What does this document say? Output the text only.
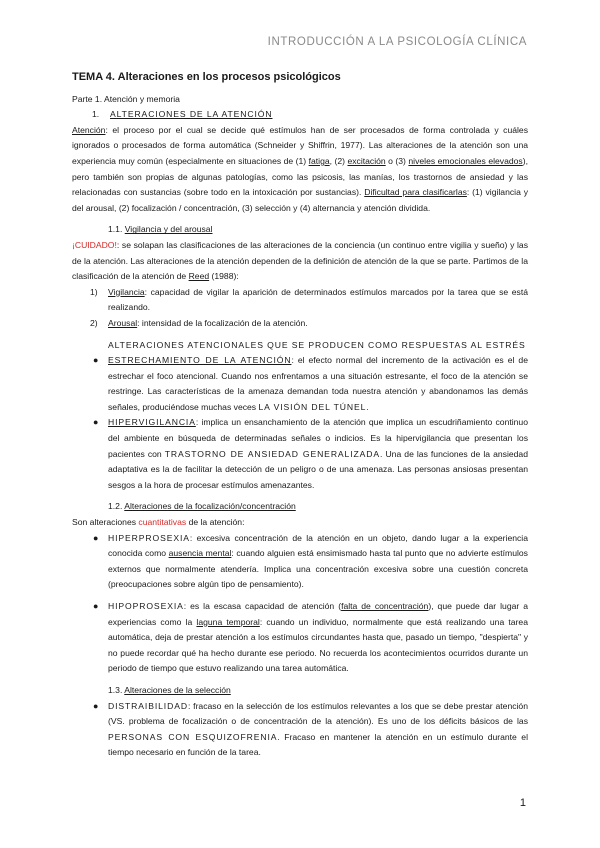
INTRODUCCIÓN A LA PSICOLOGÍA CLÍNICA
TEMA 4. Alteraciones en los procesos psicológicos
Parte 1. Atención y memoria
1. ALTERACIONES DE LA ATENCIÓN

Atención: el proceso por el cual se decide qué estímulos han de ser procesados de forma controlada y cuáles ignorados o procesados de forma automática (Schneider y Shiffrin, 1977). Las alteraciones de la atención son una experiencia muy común (especialmente en situaciones de (1) fatiga, (2) excitación o (3) niveles emocionales elevados), pero también son propias de algunas patologías, como las psicosis, las manías, los trastornos de ansiedad y las relacionadas con sustancias (sobre todo en la intoxicación por sustancias). Dificultad para clasificarlas: (1) vigilancia y del arousal, (2) focalización / concentración, (3) selección y (4) alternancia y atención dividida.

1.1. Vigilancia y del arousal

¡CUIDADO!: se solapan las clasificaciones de las alteraciones de la conciencia (un continuo entre vigilia y sueño) y las de la atención. Las alteraciones de la atención dependen de la definición de atención de la que se parte. Partimos de la clasificación de la atención de Reed (1988):

1) Vigilancia: capacidad de vigilar la aparición de determinados estímulos marcados por la tarea que se está realizando.

2) Arousal: intensidad de la focalización de la atención.

ALTERACIONES ATENCIONALES QUE SE PRODUCEN COMO RESPUESTAS AL ESTRÉS

● ESTRECHAMIENTO DE LA ATENCIÓN: el efecto normal del incremento de la activación es el de estrechar el foco atencional. Cuando nos enfrentamos a una situación estresante, el foco de la atención se restringe. Las características de la amenaza demandan toda nuestra atención y abandonamos las demás señales, produciéndose muchas veces LA VISIÓN DEL TÚNEL.

● HIPERVIGILANCIA: implica un ensanchamiento de la atención que implica un escudriñamiento continuo del ambiente en búsqueda de determinadas señales o indicios. Es la hipervigilancia que presentan los pacientes con TRASTORNO DE ANSIEDAD GENERALIZADA. Una de las funciones de la ansiedad adaptativa es la de facilitar la detección de un peligro o de una amenaza. Las personas ansiosas presentan sesgos a la hora de procesar estímulos amenazantes.

1.2. Alteraciones de la focalización/concentración

Son alteraciones cuantitativas de la atención:

● HIPERPROSEXIA: excesiva concentración de la atención en un objeto, dando lugar a la experiencia conocida como ausencia mental: cuando alguien está ensimismado hasta tal punto que no advierte estímulos externos que normalmente atendería. Implica una concentración excesiva sobre una cuestión concreta (preocupaciones sobre algún tipo de pensamiento).

● HIPOPROSEXIA: es la escasa capacidad de atención (falta de concentración), que puede dar lugar a experiencias como la laguna temporal: cuando un individuo, normalmente que está realizando una tarea automática, deja de prestar atención a los estímulos circundantes hasta que, pasado un tiempo, "despierta" y no puede recordar qué ha hecho durante ese periodo. No recuerda los acontecimientos ocurridos durante un periodo de tiempo que estuvo realizando una tarea automática.

1.3. Alteraciones de la selección

● DISTRAIBILIDAD: fracaso en la selección de los estímulos relevantes a los que se debe prestar atención (VS. problema de focalización o de concentración de la atención). Es uno de los déficits básicos de las PERSONAS CON ESQUIZOFRENIA. Fracaso en mantener la atención en un estímulo durante el tiempo necesario en función de la tarea.

1
